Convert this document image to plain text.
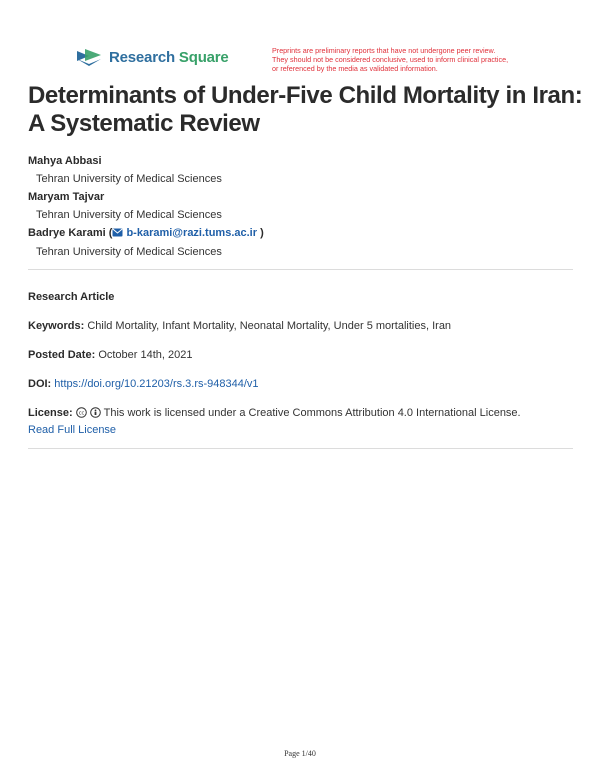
Research Square	Preprints are preliminary reports that have not undergone peer review.
They should not be considered conclusive, used to inform clinical practice,
or referenced by the media as validated information.
Determinants of Under-Five Child Mortality in Iran: A Systematic Review
Mahya Abbasi
Tehran University of Medical Sciences
Maryam Tajvar
Tehran University of Medical Sciences
Badrye Karami ( b-karami@razi.tums.ac.ir )
Tehran University of Medical Sciences
Research Article
Keywords: Child Mortality, Infant Mortality, Neonatal Mortality, Under 5 mortalities, Iran
Posted Date: October 14th, 2021
DOI: https://doi.org/10.21203/rs.3.rs-948344/v1
License: cc This work is licensed under a Creative Commons Attribution 4.0 International License.
Read Full License
Page 1/40
